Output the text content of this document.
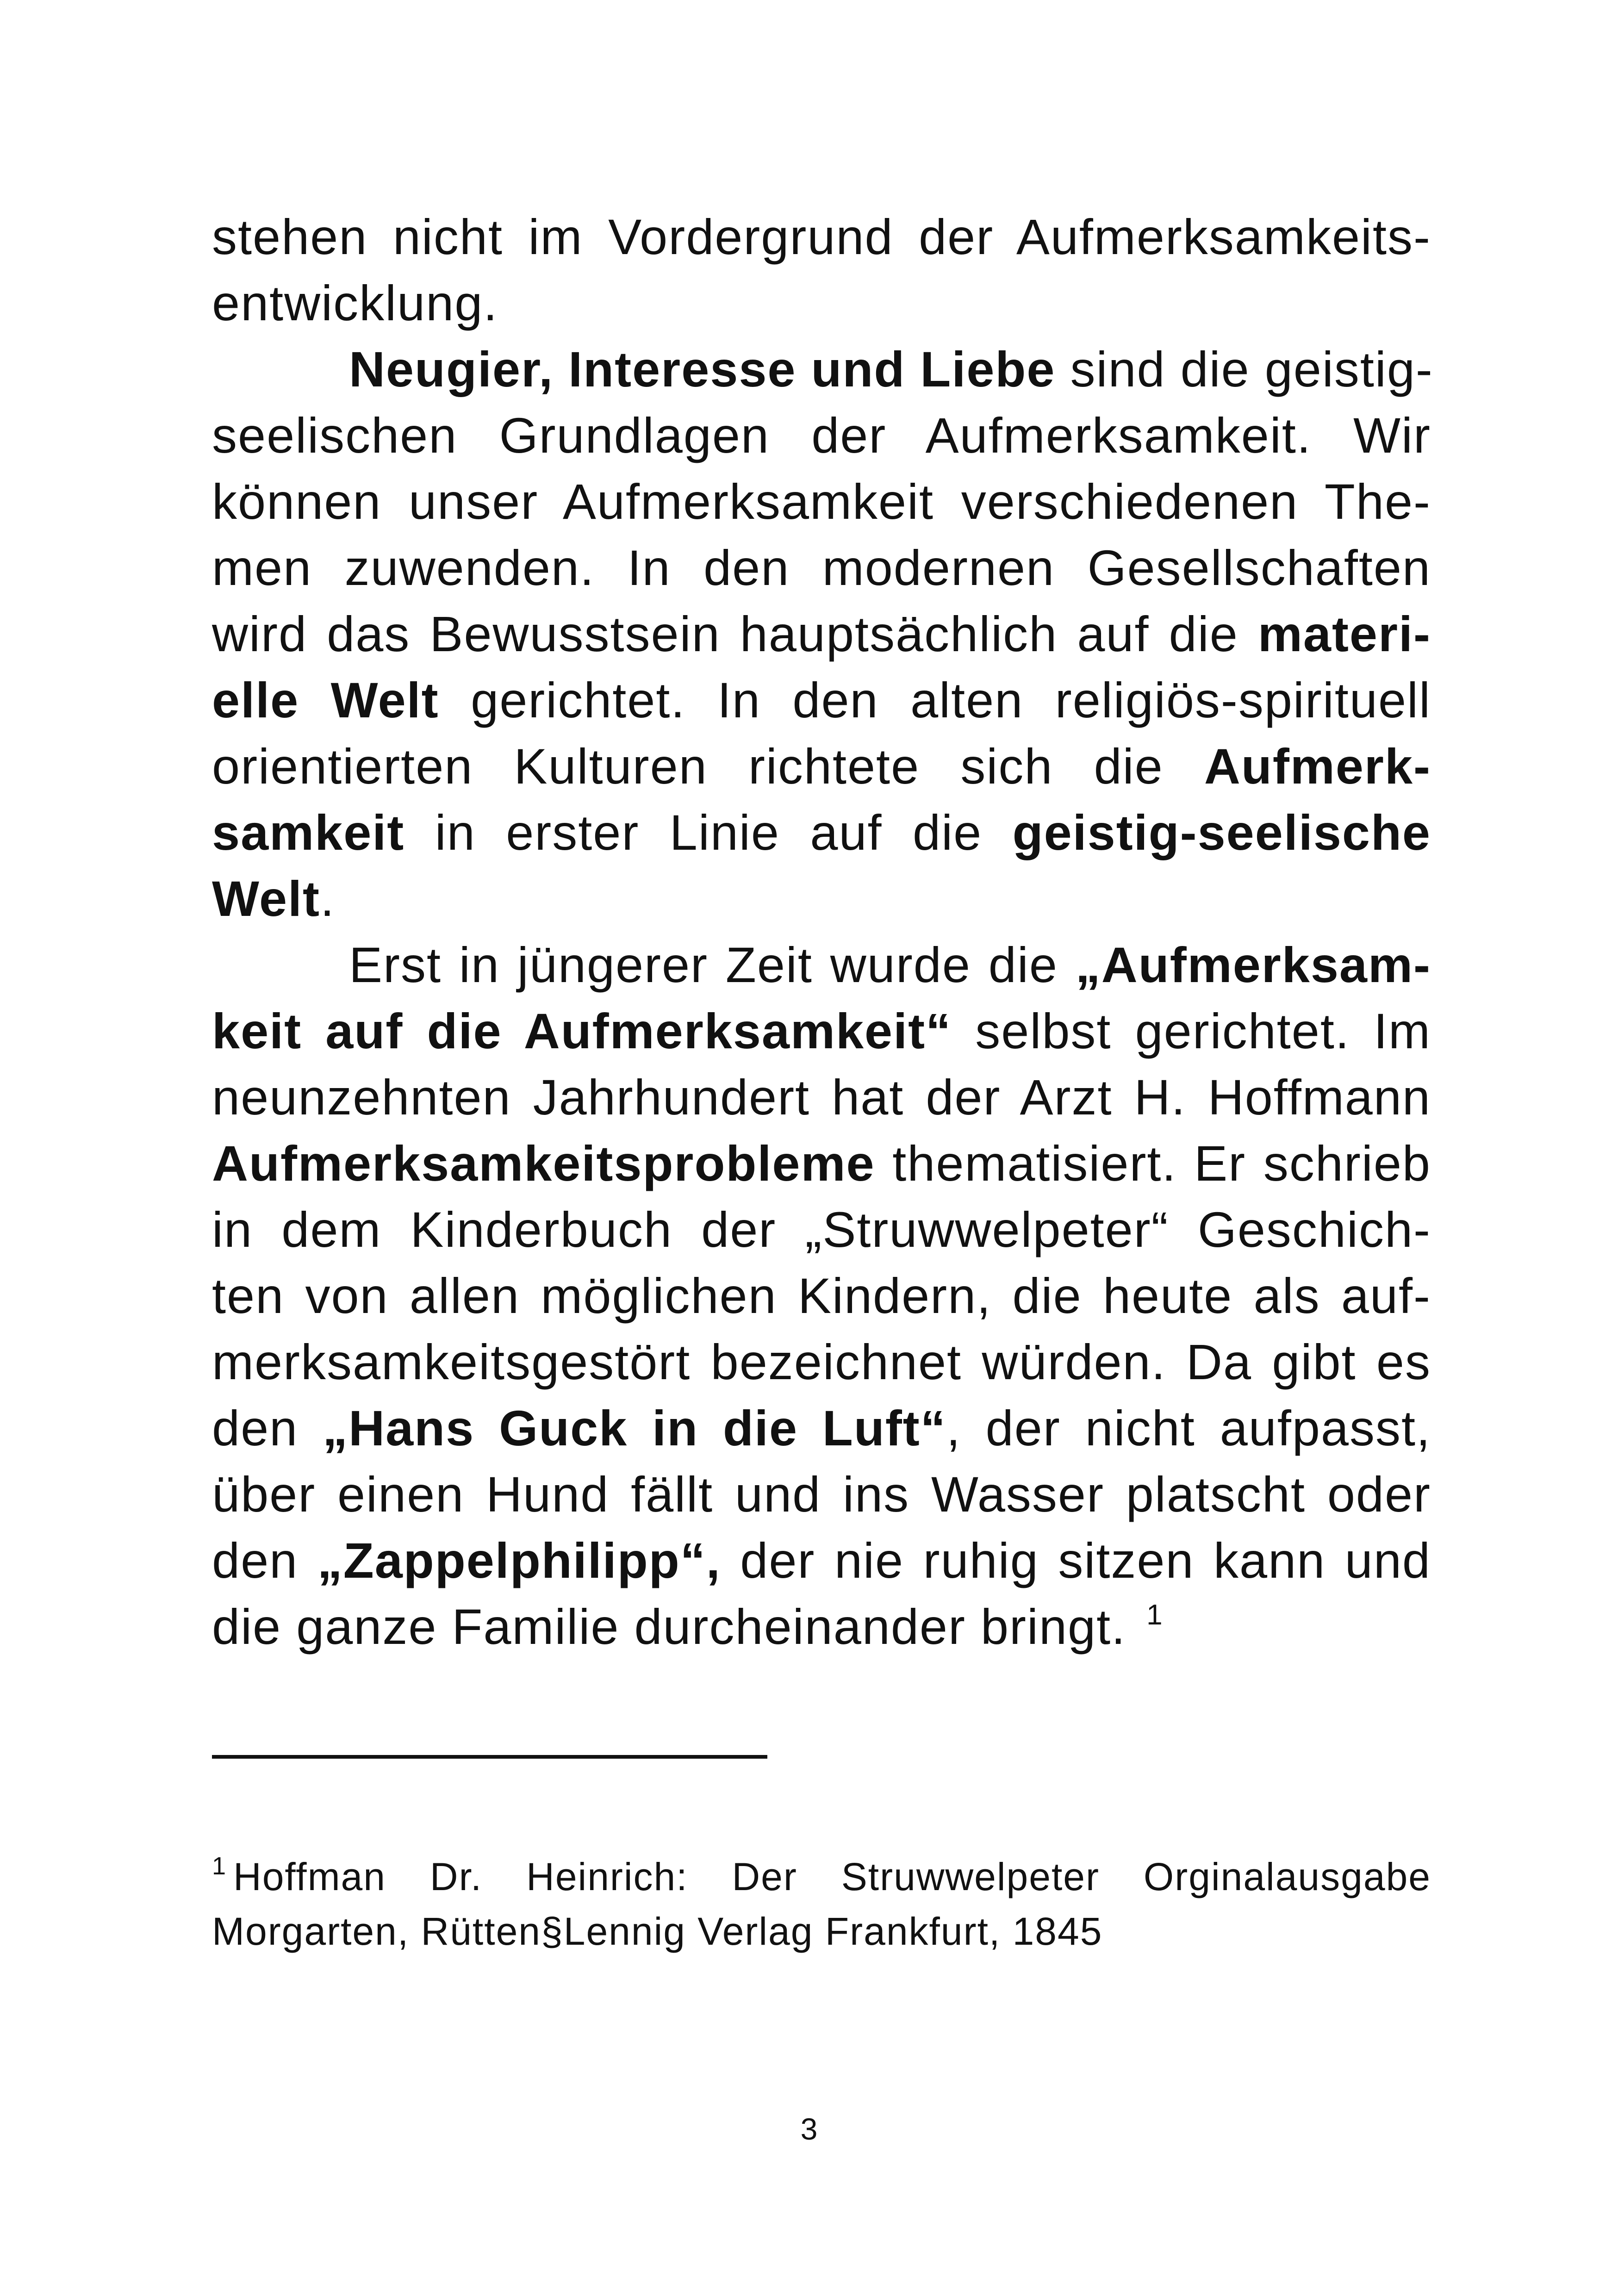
stehen nicht im Vordergrund der Aufmerksamkeits-
entwicklung.
Neugier, Interesse und Liebe sind die geistig-
seelischen Grundlagen der Aufmerksamkeit. Wir
können unser Aufmerksamkeit verschiedenen The-
men zuwenden. In den modernen Gesellschaften
wird das Bewusstsein hauptsächlich auf die materi-
elle Welt gerichtet. In den alten religiös-spirituell
orientierten Kulturen richtete sich die Aufmerk-
samkeit in erster Linie auf die geistig-seelische
Welt.
Erst in jüngerer Zeit wurde die „Aufmerksam-
keit auf die Aufmerksamkeit“ selbst gerichtet. Im
neunzehnten Jahrhundert hat der Arzt H. Hoffmann
Aufmerksamkeitsprobleme thematisiert. Er schrieb
in dem Kinderbuch der „Struwwelpeter“ Geschich-
ten von allen möglichen Kindern, die heute als auf-
merksamkeitsgestört bezeichnet würden. Da gibt es
den „Hans Guck in die Luft“, der nicht aufpasst,
über einen Hund fällt und ins Wasser platscht oder
den „Zappelphilipp“, der nie ruhig sitzen kann und
die ganze Familie durcheinander bringt. $^1$
$^1$ Hoffman Dr. Heinrich: Der Struwwelpeter Orginalausgabe
Morgarten, Rütten§Lennig Verlag Frankfurt, 1845
3
